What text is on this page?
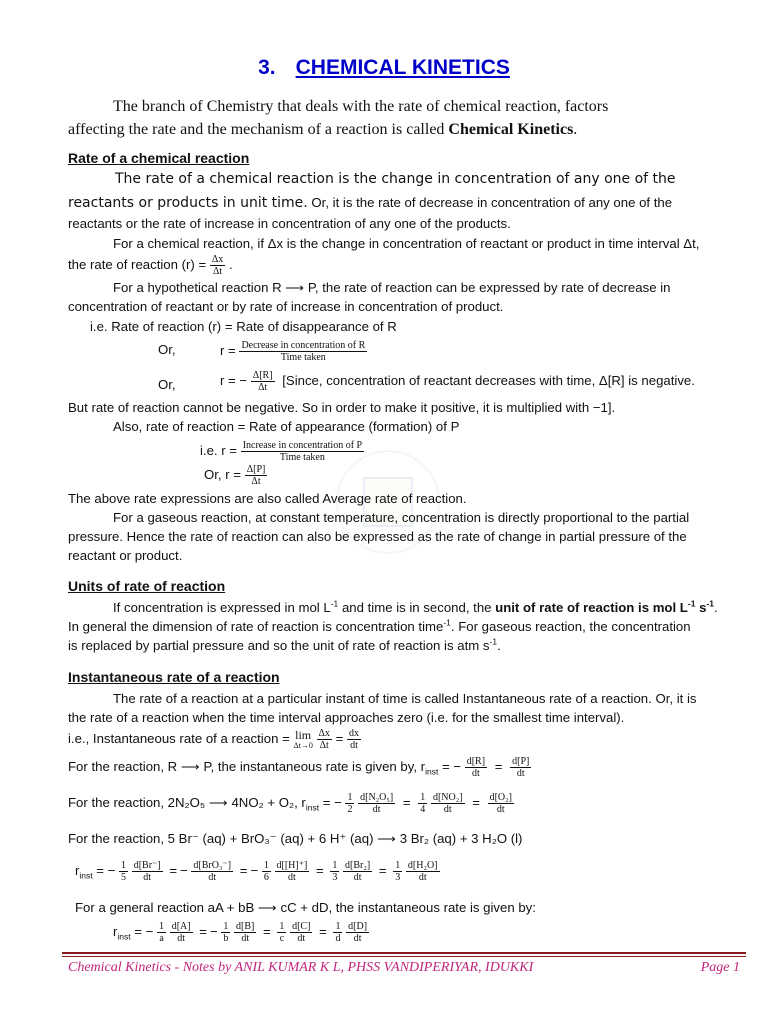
3. CHEMICAL KINETICS
The branch of Chemistry that deals with the rate of chemical reaction, factors
affecting the rate and the mechanism of a reaction is called Chemical Kinetics.
Rate of a chemical reaction
The rate of a chemical reaction is the change in concentration of any one of the
reactants or products in unit time. Or, it is the rate of decrease in concentration of any one of the
reactants or the rate of increase in concentration of any one of the products.
For a chemical reaction, if Δx is the change in concentration of reactant or product in time interval Δt,
the rate of reaction $(r) = \frac{\Delta x}{\Delta t}$ .
For a hypothetical reaction R ⟶ P, the rate of reaction can be expressed by rate of decrease in
concentration of reactant or by rate of increase in concentration of product.
i.e. Rate of reaction (r) = Rate of disappearance of R
Or,	$r = \frac{\text{Decrease in concentration of R}}{\text{Time taken}}$
Or,	r = − $\frac{\Delta[R]}{\Delta t}$ [Since, concentration of reactant decreases with time, Δ[R] is negative.
But rate of reaction cannot be negative. So in order to make it positive, it is multiplied with −1].
Also, rate of reaction = Rate of appearance (formation) of P
i.e. $r = \frac{\text{Increase in concentration of P}}{\text{Time taken}}$
Or, $r = \frac{\Delta[P]}{\Delta t}$
The above rate expressions are also called Average rate of reaction.
For a gaseous reaction, at constant temperature, concentration is directly proportional to the partial
pressure. Hence the rate of reaction can also be expressed as the rate of change in partial pressure of the
reactant or product.
Units of rate of reaction
If concentration is expressed in mol $L^{-1}$ and time is in second, the unit of rate of reaction is mol $L^{-1}$ $s^{-1}$.
In general the dimension of rate of reaction is concentration time$^{-1}$. For gaseous reaction, the concentration
is replaced by partial pressure and so the unit of rate of reaction is atm $s^{-1}$.
Instantaneous rate of a reaction
The rate of a reaction at a particular instant of time is called Instantaneous rate of a reaction. Or, it is
the rate of a reaction when the time interval approaches zero (i.e. for the smallest time interval).
i.e., Instantaneous rate of a reaction = lim
Δt→0
$\frac{\Delta x}{\Delta t} = \frac{dx}{dt}$
For the reaction, R ⟶ P, the instantaneous rate is given by, $r_{inst}$ = − $\frac{d[R]}{dt} = \frac{d[P]}{dt}$
For the reaction, 2N₂O₅ ⟶ 4NO₂ + O₂, $r_{inst}$ = − $\frac{1}{2}$
$\frac{\text{d[N₂O₅]}}{dt} = \frac{1}{4}$
$\frac{\text{d[NO₂]}}{dt} = \frac{\text{d[O₂]}}{dt}$
For the reaction, 5 Br⁻ (aq) + BrO₃⁻ (aq) + 6 H⁺ (aq) ⟶ 3 Br₂ (aq) + 3 H₂O (l)
$r_{inst}$ = − $\frac{1}{5}$
$\frac{d[Br^-]}{dt}$ = − $\frac{\text{d[BrO₃⁻]}}{dt}$ = − $\frac{1}{6}$
$\frac{d[[H]^+]}{dt} = \frac{1}{3}$
$\frac{\text{d[Br₂]}}{dt} = \frac{1}{3}$
$\frac{\text{d[H₂O]}}{dt}$
For a general reaction aA + bB ⟶ cC + dD, the instantaneous rate is given by:
$r_{inst}$ = − $\frac{1}{a}$
$\frac{d[A]}{dt}$ = − $\frac{1}{b}$
$\frac{d[B]}{dt} = \frac{1}{c}$
$\frac{d[C]}{dt} = \frac{1}{d}$
$\frac{d[D]}{dt}$
Chemical Kinetics - Notes by ANIL KUMAR K L, PHSS VANDIPERIYAR, IDUKKI	Page 1
